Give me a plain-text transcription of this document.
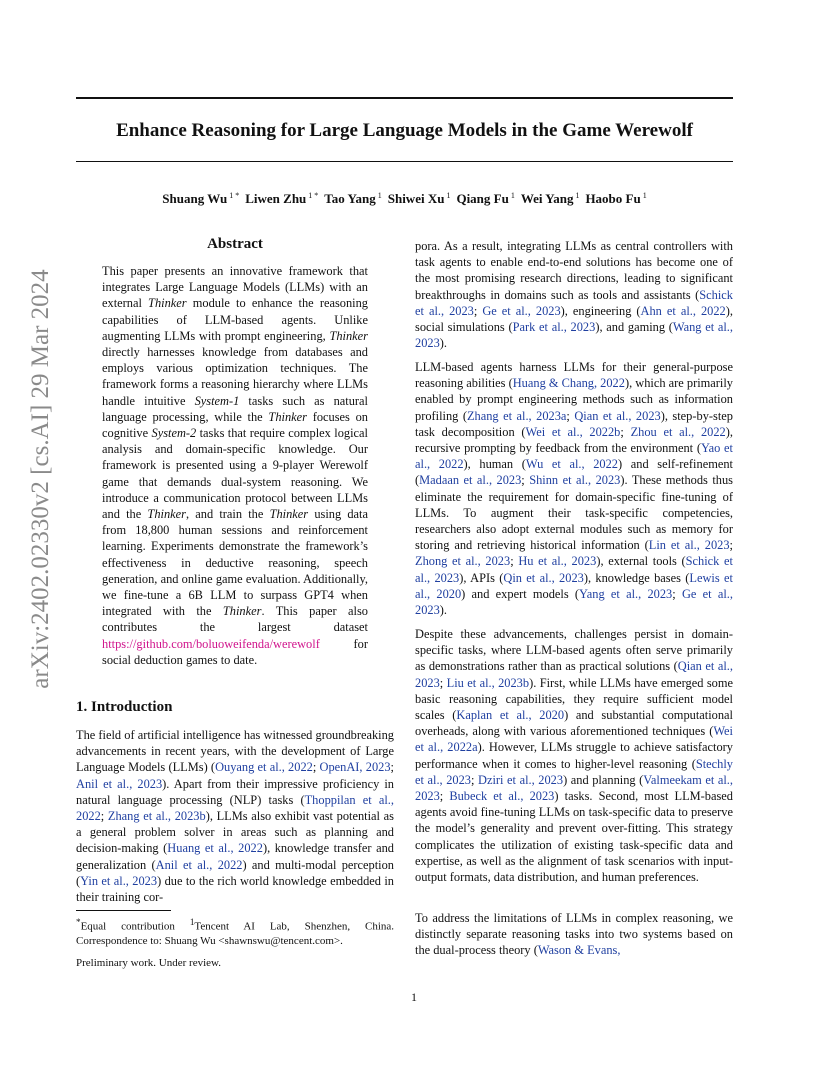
Enhance Reasoning for Large Language Models in the Game Werewolf
Shuang Wu $^{1 *}$ Liwen Zhu $^{1 *}$ Tao Yang $^1$ Shiwei Xu $^1$ Qiang Fu $^1$ Wei Yang $^1$ Haobo Fu $^1$
arXiv:2402.02330v2 [cs.AI] 29 Mar 2024
Abstract
This paper presents an innovative framework that integrates Large Language Models (LLMs) with an external Thinker module to enhance the reasoning capabilities of LLM-based agents. Unlike augmenting LLMs with prompt engineering, Thinker directly harnesses knowledge from databases and employs various optimization techniques. The framework forms a reasoning hierarchy where LLMs handle intuitive System-1 tasks such as natural language processing, while the Thinker focuses on cognitive System-2 tasks that require complex logical analysis and domain-specific knowledge. Our framework is presented using a 9-player Werewolf game that demands dual-system reasoning. We introduce a communication protocol between LLMs and the Thinker, and train the Thinker using data from 18,800 human sessions and reinforcement learning. Experiments demonstrate the framework’s effectiveness in deductive reasoning, speech generation, and online game evaluation. Additionally, we fine-tune a 6B LLM to surpass GPT4 when integrated with the Thinker. This paper also contributes the largest dataset https://github.com/boluoweifenda/werewolf for social deduction games to date.
1. Introduction
The field of artificial intelligence has witnessed groundbreaking advancements in recent years, with the development of Large Language Models (LLMs) (Ouyang et al., 2022; OpenAI, 2023; Anil et al., 2023). Apart from their impressive proficiency in natural language processing (NLP) tasks (Thoppilan et al., 2022; Zhang et al., 2023b), LLMs also exhibit vast potential as a general problem solver in areas such as planning and decision-making (Huang et al., 2022), knowledge transfer and generalization (Anil et al., 2022) and multi-modal perception (Yin et al., 2023) due to the rich world knowledge embedded in their training cor-
*Equal contribution $^1$Tencent AI Lab, Shenzhen, China. Correspondence to: Shuang Wu <shawnswu@tencent.com>.
Preliminary work. Under review.
pora. As a result, integrating LLMs as central controllers with task agents to enable end-to-end solutions has become one of the most promising research directions, leading to significant breakthroughs in domains such as tools and assistants (Schick et al., 2023; Ge et al., 2023), engineering (Ahn et al., 2022), social simulations (Park et al., 2023), and gaming (Wang et al., 2023).
LLM-based agents harness LLMs for their general-purpose reasoning abilities (Huang & Chang, 2022), which are primarily enabled by prompt engineering methods such as information profiling (Zhang et al., 2023a; Qian et al., 2023), step-by-step task decomposition (Wei et al., 2022b; Zhou et al., 2022), recursive prompting by feedback from the environment (Yao et al., 2022), human (Wu et al., 2022) and self-refinement (Madaan et al., 2023; Shinn et al., 2023). These methods thus eliminate the requirement for domain-specific fine-tuning of LLMs. To augment their task-specific competencies, researchers also adopt external modules such as memory for storing and retrieving historical information (Lin et al., 2023; Zhong et al., 2023; Hu et al., 2023), external tools (Schick et al., 2023), APIs (Qin et al., 2023), knowledge bases (Lewis et al., 2020) and expert models (Yang et al., 2023; Ge et al., 2023).
Despite these advancements, challenges persist in domain-specific tasks, where LLM-based agents often serve primarily as demonstrations rather than as practical solutions (Qian et al., 2023; Liu et al., 2023b). First, while LLMs have emerged some basic reasoning capabilities, they require sufficient model scales (Kaplan et al., 2020) and substantial computational overheads, along with various aforementioned techniques (Wei et al., 2022a). However, LLMs struggle to achieve satisfactory performance when it comes to higher-level reasoning (Stechly et al., 2023; Dziri et al., 2023) and planning (Valmeekam et al., 2023; Bubeck et al., 2023) tasks. Second, most LLM-based agents avoid fine-tuning LLMs on task-specific data to preserve the model’s generality and prevent over-fitting. This strategy complicates the utilization of existing task-specific data and expertise, as well as the alignment of task scenarios with input-output formats, data distribution, and human preferences.
To address the limitations of LLMs in complex reasoning, we distinctly separate reasoning tasks into two systems based on the dual-process theory (Wason & Evans,
1
